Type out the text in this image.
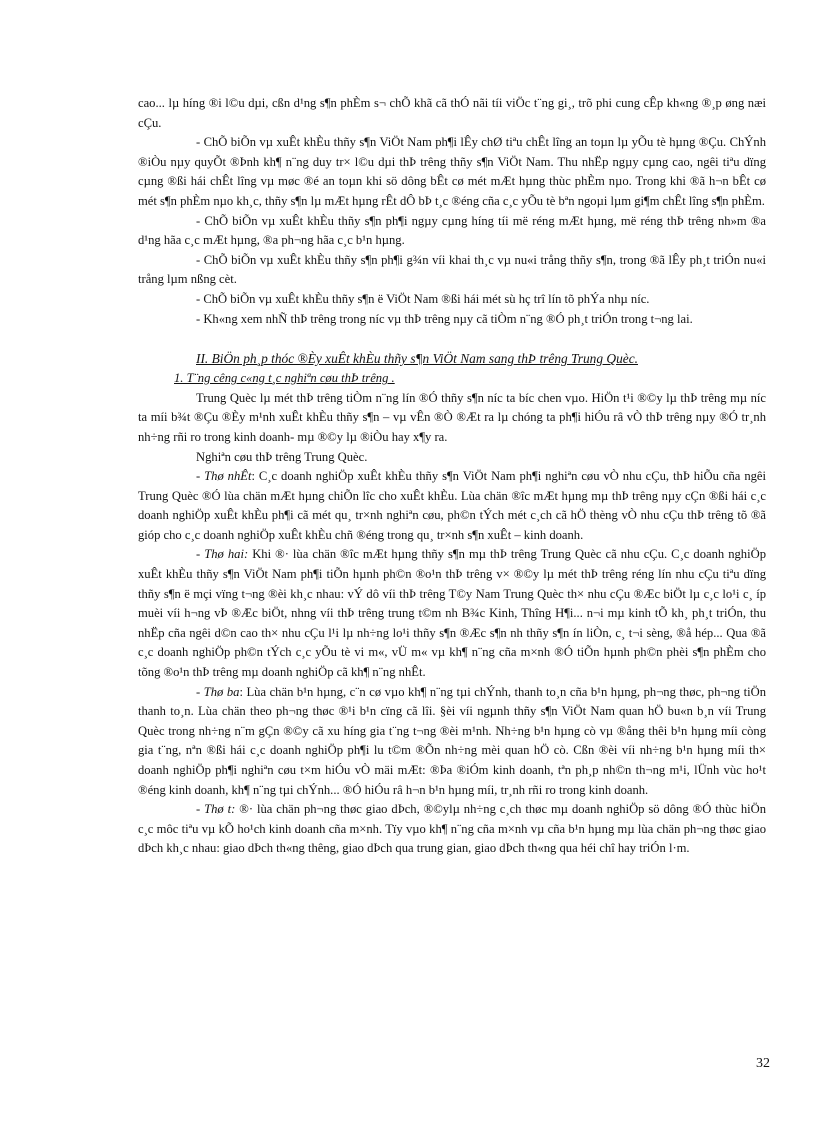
cao... lµ híng ®i l©u dµi, cßn d¹ng s¶n phÈm s¬ chÕ khã cã thÓ nãi tíi viÖc t¨ng gi¸, trõ phi cung cÊp kh«ng ®¸p øng næi cÇu.

- ChÕ biÕn vµ xuÊt khÈu thñy s¶n ViÖt Nam ph¶i lÊy chØ tiªu chÊt lîng an toµn lµ yÕu tè hµng ®Çu. ChÝnh ®iÒu nµy quyÕt ®Þnh kh¶ n¨ng duy tr× l©u dµi thÞ trêng thñy s¶n ViÖt Nam. Thu nhËp ngµy cµng cao, ngêi tiªu dïng cµng ®ßi hái chÊt lîng vµ møc ®é an toµn khi sö dông bÊt cø mét mÆt hµng thùc phÈm nµo. Trong khi ®ã h¬n bÊt cø mét s¶n phÈm nµo kh¸c, thñy s¶n lµ mÆt hµng rÊt dÔ bÞ t¸c ®éng cña c¸c yÕu tè bªn ngoµi lµm gi¶m chÊt lîng s¶n phÈm.

- ChÕ biÕn vµ xuÊt khÈu thñy s¶n ph¶i ngµy cµng híng tíi më réng mÆt hµng, më réng thÞ trêng nh»m ®a d¹ng hãa c¸c mÆt hµng, ®a ph¬ng hãa c¸c b¹n hµng.

- ChÕ biÕn vµ xuÊt khÈu thñy s¶n ph¶i g¾n víi khai th¸c vµ nu«i trång thñy s¶n, trong ®ã lÊy ph¸t triÓn nu«i trång lµm nßng cèt.

- ChÕ biÕn vµ xuÊt khÈu thñy s¶n ë ViÖt Nam ®ßi hái mét sù hç trî lín tõ phÝa nhµ níc.

- Kh«ng xem nhÑ thÞ trêng trong níc vµ thÞ trêng nµy cã tiÒm n¨ng ®Ó ph¸t triÓn trong t¬ng lai.

II. BiÖn ph¸p thóc ®Èy xuÊt khÈu thñy s¶n ViÖt Nam sang thÞ trêng Trung Quèc.

1. T¨ng cêng c«ng t¸c nghiªn cøu thÞ trêng .

Trung Quèc lµ mét thÞ trêng tiÒm n¨ng lín ®Ó thñy s¶n níc ta bíc chen vµo. HiÖn t¹i ®©y lµ thÞ trêng mµ níc ta míi b¾t ®Çu ®Èy m¹nh xuÊt khÈu thñy s¶n – vµ vÊn ®Ò ®Æt ra lµ chóng ta ph¶i hiÓu râ vÒ thÞ trêng nµy ®Ó tr¸nh nh÷ng rñi ro trong kinh doanh- mµ ®©y lµ ®iÒu hay x¶y ra.

Nghiªn cøu thÞ trêng Trung Quèc.

- Thø nhÊt: C¸c doanh nghiÖp xuÊt khÈu thñy s¶n ViÖt Nam ph¶i nghiªn cøu vÒ nhu cÇu, thÞ hiÕu cña ngêi Trung Quèc ®Ó lùa chän mÆt hµng chiÕn lîc cho xuÊt khÈu. Lùa chän ®îc mÆt hµng mµ thÞ trêng nµy cÇn ®ßi hái c¸c doanh nghiÖp xuÊt khÈu ph¶i cã mét qu¸ tr×nh nghiªn cøu, ph©n tÝch mét c¸ch cã hÖ thèng vÒ nhu cÇu thÞ trêng tõ ®ã gióp cho c¸c doanh nghiÖp xuÊt khÈu chñ ®éng trong qu¸ tr×nh s¶n xuÊt – kinh doanh.

- Thø hai: Khi ®· lùa chän ®îc mÆt hµng thñy s¶n mµ thÞ trêng Trung Quèc cã nhu cÇu. C¸c doanh nghiÖp xuÊt khÈu thñy s¶n ViÖt Nam ph¶i tiÕn hµnh ph©n ®o¹n thÞ trêng v× ®©y lµ mét thÞ trêng réng lín nhu cÇu tiªu dïng thñy s¶n ë mçi vïng t¬ng ®èi kh¸c nhau: vÝ dô víi thÞ trêng T©y Nam Trung Quèc th× nhu cÇu ®Æc biÖt lµ c¸c lo¹i c¸ íp muèi víi h¬ng vÞ ®Æc biÖt, nhng víi thÞ trêng trung t©m nh B¾c Kinh, Thîng H¶i... n¬i mµ kinh tÕ kh¸ ph¸t triÓn, thu nhËp cña ngêi d©n cao th× nhu cÇu l¹i lµ nh÷ng lo¹i thñy s¶n ®Æc s¶n nh thñy s¶n ín liÒn, c¸ t¬i sèng, ®å hép... Qua ®ã c¸c doanh nghiÖp ph©n tÝch c¸c yÕu tè vi m«, vÜ m« vµ kh¶ n¨ng cña m×nh ®Ó tiÕn hµnh ph©n phèi s¶n phÈm cho tõng ®o¹n thÞ trêng mµ doanh nghiÖp cã kh¶ n¨ng nhÊt.

- Thø ba: Lùa chän b¹n hµng, c¨n cø vµo kh¶ n¨ng tµi chÝnh, thanh to¸n cña b¹n hµng, ph¬ng thøc, ph¬ng tiÖn thanh to¸n. Lùa chän theo ph¬ng thøc ®¹i b¹n cïng cã lîi. §èi víi ngµnh thñy s¶n ViÖt Nam quan hÖ bu«n b¸n víi Trung Quèc trong nh÷ng n¨m gÇn ®©y cã xu híng gia t¨ng t¬ng ®èi m¹nh. Nh÷ng b¹n hµng cò vµ ®ång thêi b¹n hµng míi còng gia t¨ng, nªn ®ßi hái c¸c doanh nghiÖp ph¶i lu t©m ®Õn nh÷ng mèi quan hÖ cò. Cßn ®èi víi nh÷ng b¹n hµng míi th× doanh nghiÖp ph¶i nghiªn cøu t×m hiÓu vÒ mäi mÆt: ®Þa ®iÓm kinh doanh, tªn ph¸p nh©n th¬ng m¹i, lÜnh vùc ho¹t ®éng kinh doanh, kh¶ n¨ng tµi chÝnh... ®Ó hiÓu râ h¬n b¹n hµng míi, tr¸nh rñi ro trong kinh doanh.

- Thø t: ®· lùa chän ph¬ng thøc giao dÞch, ®©ylµ nh÷ng c¸ch thøc mµ doanh nghiÖp sö dông ®Ó thùc hiÖn c¸c môc tiªu vµ kÕ ho¹ch kinh doanh cña m×nh. Tïy vµo kh¶ n¨ng cña m×nh vµ cña b¹n hµng mµ lùa chän ph¬ng thøc giao dÞch kh¸c nhau: giao dÞch th«ng thêng, giao dÞch qua trung gian, giao dÞch th«ng qua héi chî hay triÓn l·m.

32
